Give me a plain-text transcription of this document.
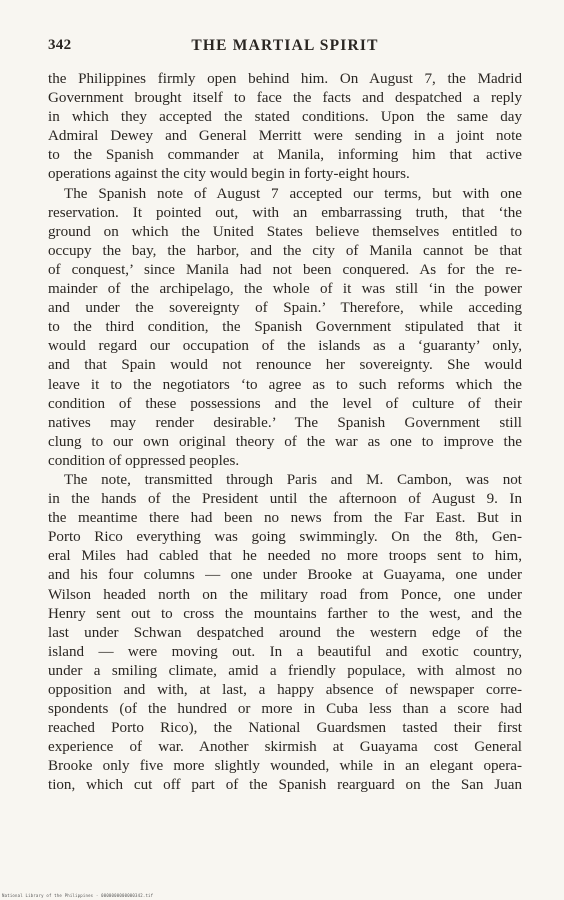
342	THE MARTIAL SPIRIT
the Philippines firmly open behind him. On August 7, the Madrid
Government brought itself to face the facts and despatched a reply
in which they accepted the stated conditions. Upon the same day
Admiral Dewey and General Merritt were sending in a joint note
to the Spanish commander at Manila, informing him that active
operations against the city would begin in forty-eight hours.
The Spanish note of August 7 accepted our terms, but with one
reservation. It pointed out, with an embarrassing truth, that ‘the
ground on which the United States believe themselves entitled to
occupy the bay, the harbor, and the city of Manila cannot be that
of conquest,’ since Manila had not been conquered. As for the re-
mainder of the archipelago, the whole of it was still ‘in the power
and under the sovereignty of Spain.’ Therefore, while acceding
to the third condition, the Spanish Government stipulated that it
would regard our occupation of the islands as a ‘guaranty’ only,
and that Spain would not renounce her sovereignty. She would
leave it to the negotiators ‘to agree as to such reforms which the
condition of these possessions and the level of culture of their
natives may render desirable.’ The Spanish Government still
clung to our own original theory of the war as one to improve the
condition of oppressed peoples.
The note, transmitted through Paris and M. Cambon, was not
in the hands of the President until the afternoon of August 9. In
the meantime there had been no news from the Far East. But in
Porto Rico everything was going swimmingly. On the 8th, Gen-
eral Miles had cabled that he needed no more troops sent to him,
and his four columns — one under Brooke at Guayama, one under
Wilson headed north on the military road from Ponce, one under
Henry sent out to cross the mountains farther to the west, and the
last under Schwan despatched around the western edge of the
island — were moving out. In a beautiful and exotic country,
under a smiling climate, amid a friendly populace, with almost no
opposition and with, at last, a happy absence of newspaper corre-
spondents (of the hundred or more in Cuba less than a score had
reached Porto Rico), the National Guardsmen tasted their first
experience of war. Another skirmish at Guayama cost General
Brooke only five more slightly wounded, while in an elegant opera-
tion, which cut off part of the Spanish rearguard on the San Juan
National Library of the Philippines · 0000000000000342.tif
